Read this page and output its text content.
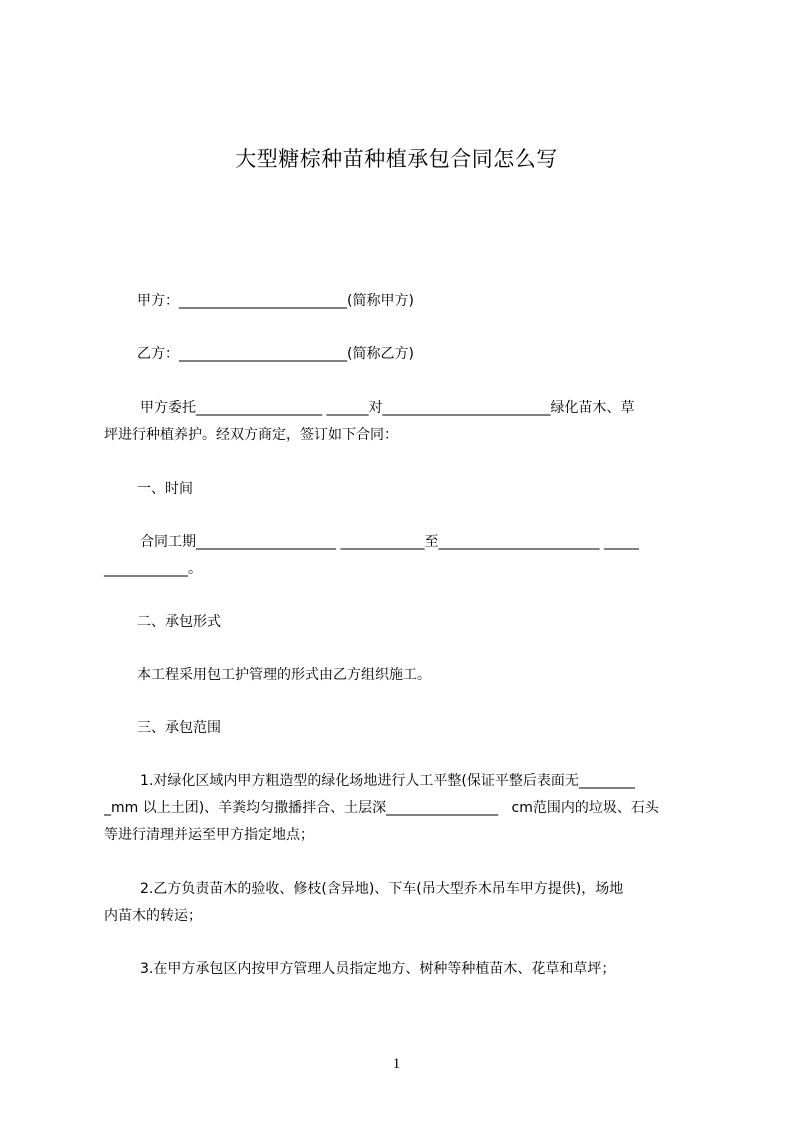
大型糖棕种苗种植承包合同怎么写
甲方：________________________(简称甲方)
乙方：________________________(简称乙方)
甲方委托__________________ ______对________________________绿化苗木、草
坪进行种植养护。经双方商定，签订如下合同：
一、时间
合同工期____________________ ____________至_______________________ _____
____________。
二、承包形式
本工程采用包工护管理的形式由乙方组织施工。
三、承包范围
1.对绿化区域内甲方粗造型的绿化场地进行人工平整(保证平整后表面无________
_mm 以上土团)、羊粪均匀撒播拌合、土层深________________   cm范围内的垃圾、石头
等进行清理并运至甲方指定地点；
2.乙方负责苗木的验收、修枝(含异地)、下车(吊大型乔木吊车甲方提供)，场地
内苗木的转运；
3.在甲方承包区内按甲方管理人员指定地方、树种等种植苗木、花草和草坪；
1
